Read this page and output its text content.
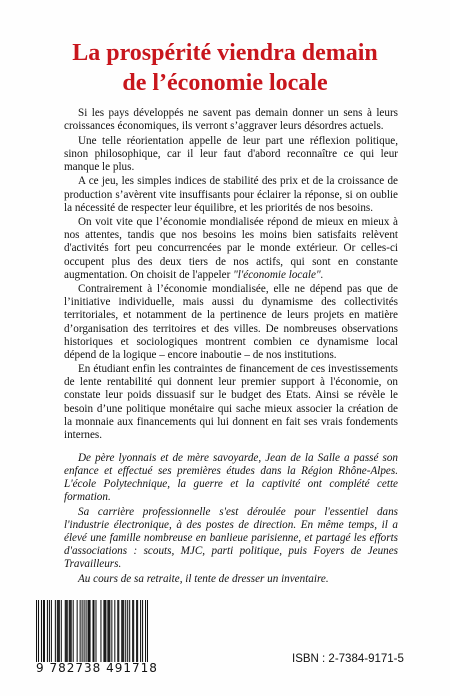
La prospérité viendra demain
de l’économie locale

Si les pays développés ne savent pas demain donner un sens à leurs croissances économiques, ils verront s’aggraver leurs désordres actuels.

Une telle réorientation appelle de leur part une réflexion politique, sinon philosophique, car il leur faut d'abord reconnaître ce qui leur manque le plus.

A ce jeu, les simples indices de stabilité des prix et de la croissance de production s’avèrent vite insuffisants pour éclairer la réponse, si on oublie la nécessité de respecter leur équilibre, et les priorités de nos besoins.

On voit vite que l’économie mondialisée répond de mieux en mieux à nos attentes, tandis que nos besoins les moins bien satisfaits relèvent d'activités fort peu concurrencées par le monde extérieur. Or celles-ci occupent plus des deux tiers de nos actifs, qui sont en constante augmentation. On choisit de l'appeler "l'économie locale".

Contrairement à l’économie mondialisée, elle ne dépend pas que de l’initiative individuelle, mais aussi du dynamisme des collectivités territoriales, et notamment de la pertinence de leurs projets en matière d’organisation des territoires et des villes. De nombreuses observations historiques et sociologiques montrent combien ce dynamisme local dépend de la logique – encore inaboutie – de nos institutions.

En étudiant enfin les contraintes de financement de ces investissements de lente rentabilité qui donnent leur premier support à l'économie, on constate leur poids dissuasif sur le budget des Etats. Ainsi se révèle le besoin d’une politique monétaire qui sache mieux associer la création de la monnaie aux financements qui lui donnent en fait ses vrais fondements internes.

De père lyonnais et de mère savoyarde, Jean de la Salle a passé son enfance et effectué ses premières études dans la Région Rhône-Alpes. L'école Polytechnique, la guerre et la captivité ont complété cette formation.

Sa carrière professionnelle s'est déroulée pour l'essentiel dans l'industrie électronique, à des postes de direction. En même temps, il a élevé une famille nombreuse en banlieue parisienne, et partagé les efforts d'associations : scouts, MJC, parti politique, puis Foyers de Jeunes Travailleurs.

Au cours de sa retraite, il tente de dresser un inventaire.

9 782738 491718
ISBN : 2-7384-9171-5
